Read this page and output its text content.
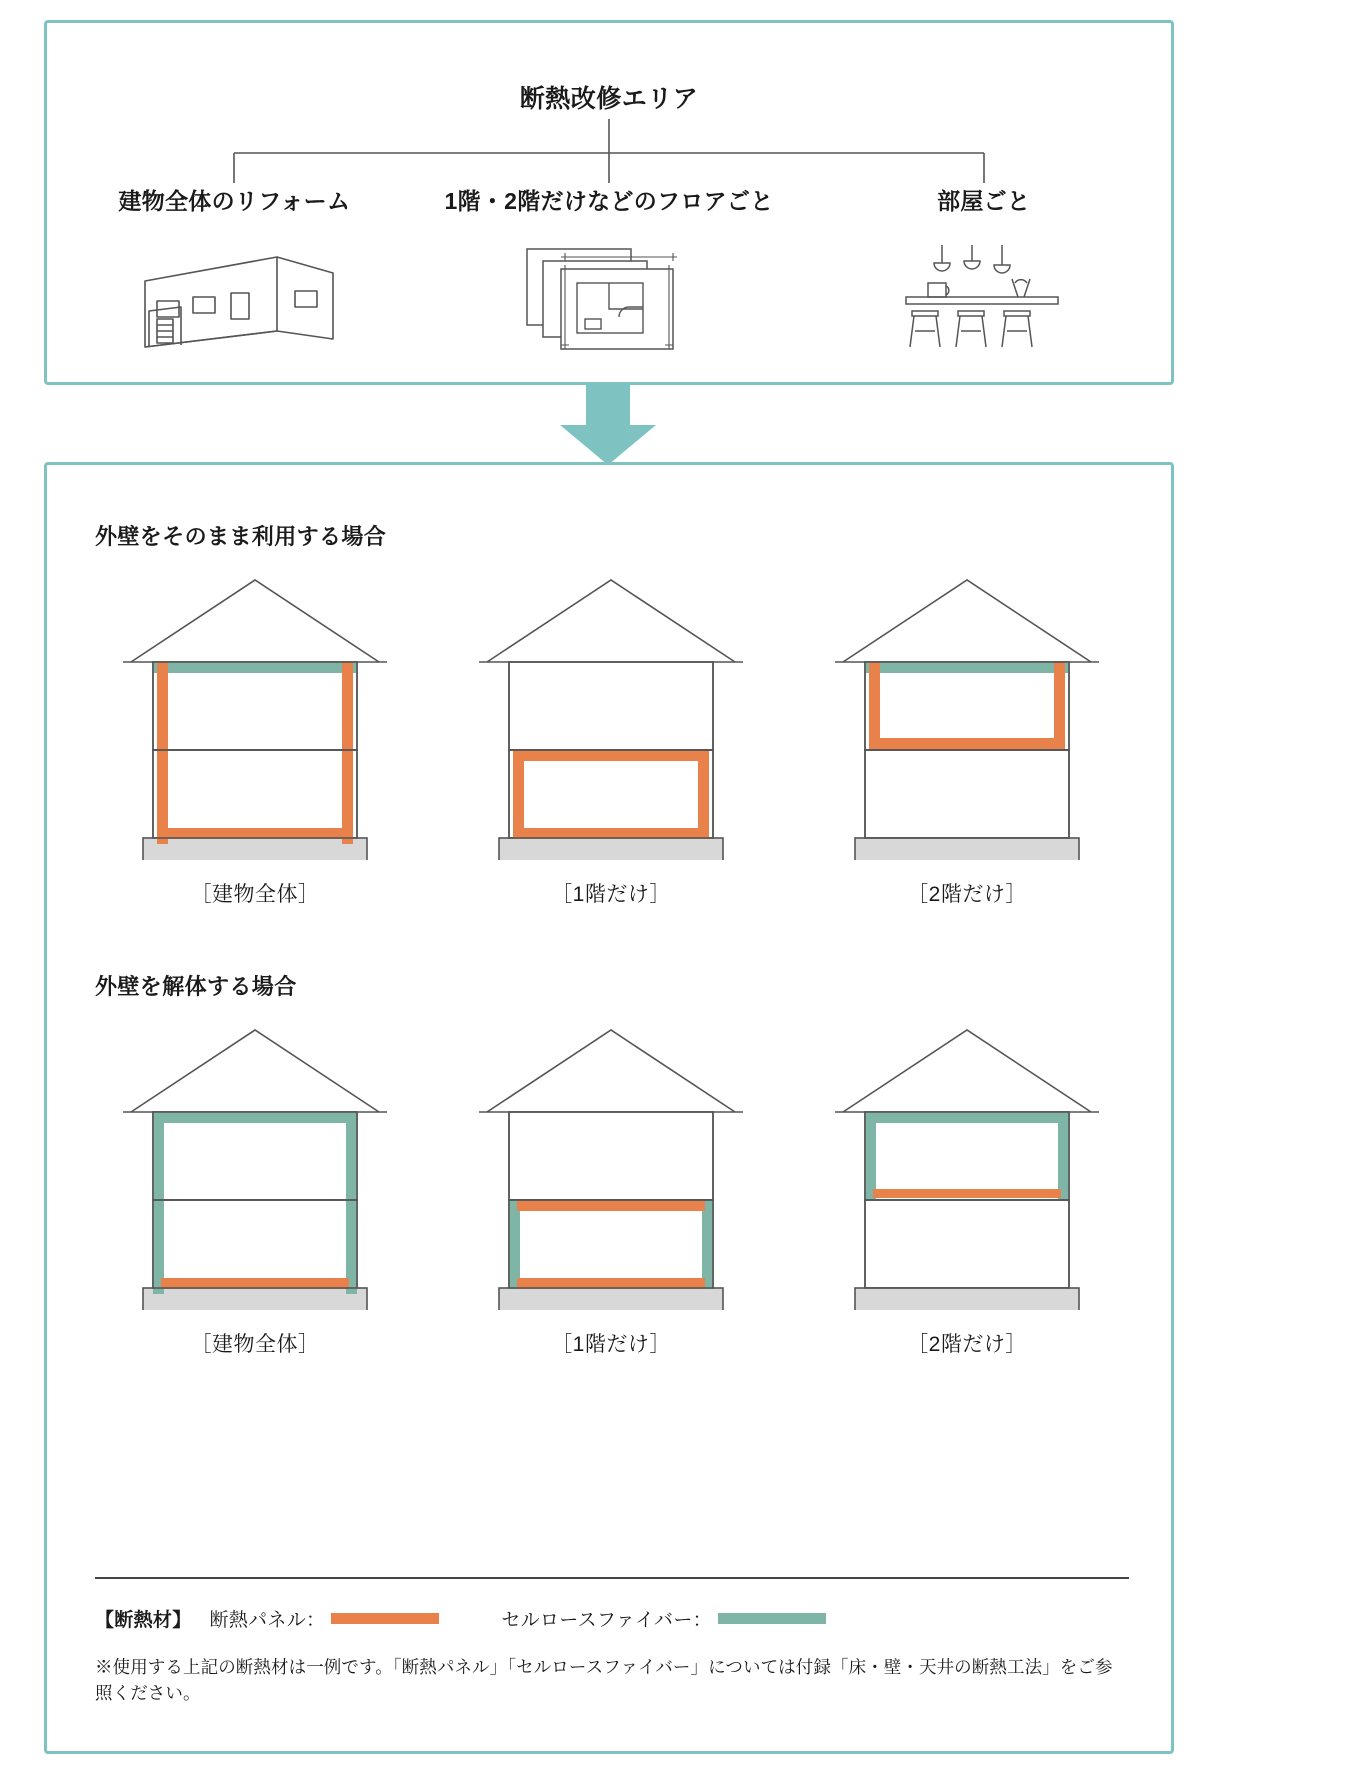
断熱改修エリア
建物全体のリフォーム	1階・2階だけなどのフロアごと	部屋ごと
外壁をそのまま利用する場合
［建物全体］	［1階だけ］	［2階だけ］
外壁を解体する場合
［建物全体］	［1階だけ］	［2階だけ］
【断熱材】 断熱パネル：	セルロースファイバー：
※使用する上記の断熱材は一例です。「断熱パネル」「セルロースファイバー」については付録「床・壁・天井の断熱工法」をご参照ください。
